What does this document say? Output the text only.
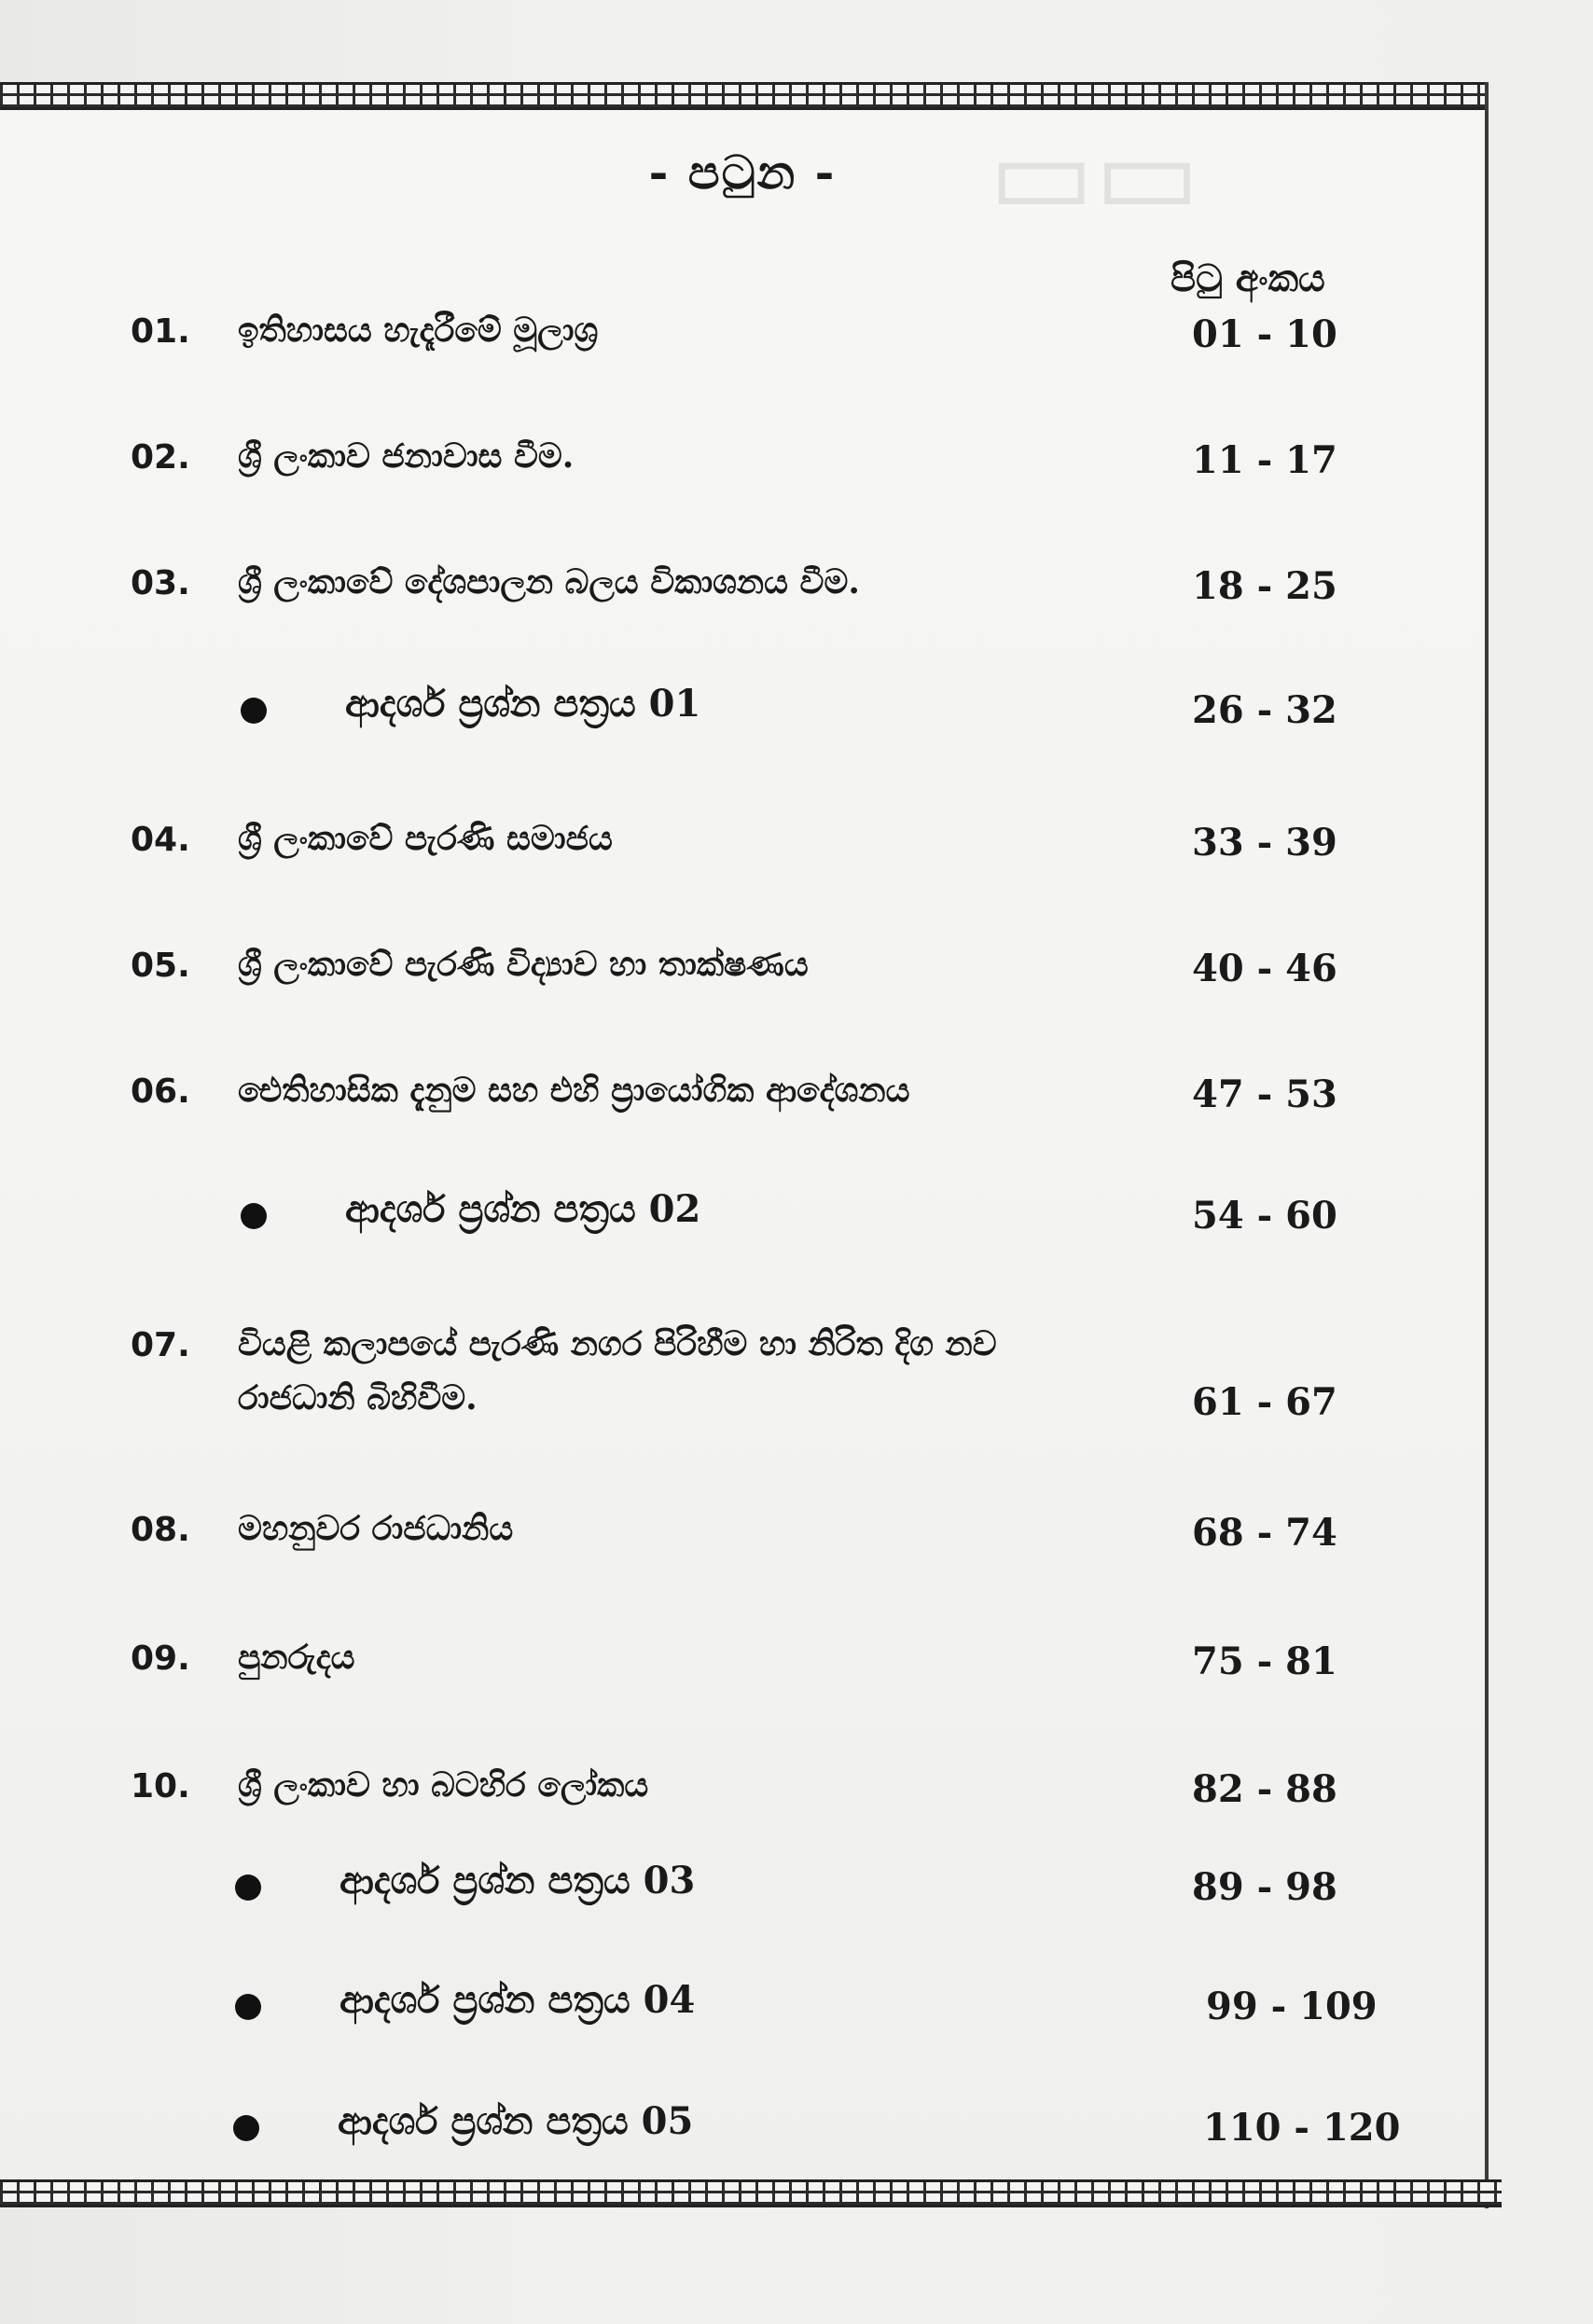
▭▭
- පටුන -
පිටු අංකය
01. ඉතිහාසය හැදෑරීමේ මූලාශ්‍ර	01 - 10
02. ශ්‍රී ලංකාව ජනාවාස වීම.	11 - 17
03. ශ්‍රී ලංකාවේ දේශපාලන බලය විකාශනය වීම.	18 - 25
ආදර්ශ ප්‍රශ්න පත්‍රය 01	26 - 32
04. ශ්‍රී ලංකාවේ පැරණි සමාජය	33 - 39
05. ශ්‍රී ලංකාවේ පැරණි විද්‍යාව හා තාක්ෂණය	40 - 46
06. ඓතිහාසික දැනුම සහ එහි ප්‍රායෝගික ආදේශනය	47 - 53
ආදර්ශ ප්‍රශ්න පත්‍රය 02	54 - 60
07. වියළි කලාපයේ පැරණි නගර පිරිහීම හා නිරිත දිග නව
රාජධානි බිහිවීම.	61 - 67
08. මහනුවර රාජධානිය	68 - 74
09. පුනරුදය	75 - 81
10. ශ්‍රී ලංකාව හා බටහිර ලෝකය	82 - 88
ආදර්ශ ප්‍රශ්න පත්‍රය 03	89 - 98
ආදර්ශ ප්‍රශ්න පත්‍රය 04	99 - 109
ආදර්ශ ප්‍රශ්න පත්‍රය 05	110 - 120
